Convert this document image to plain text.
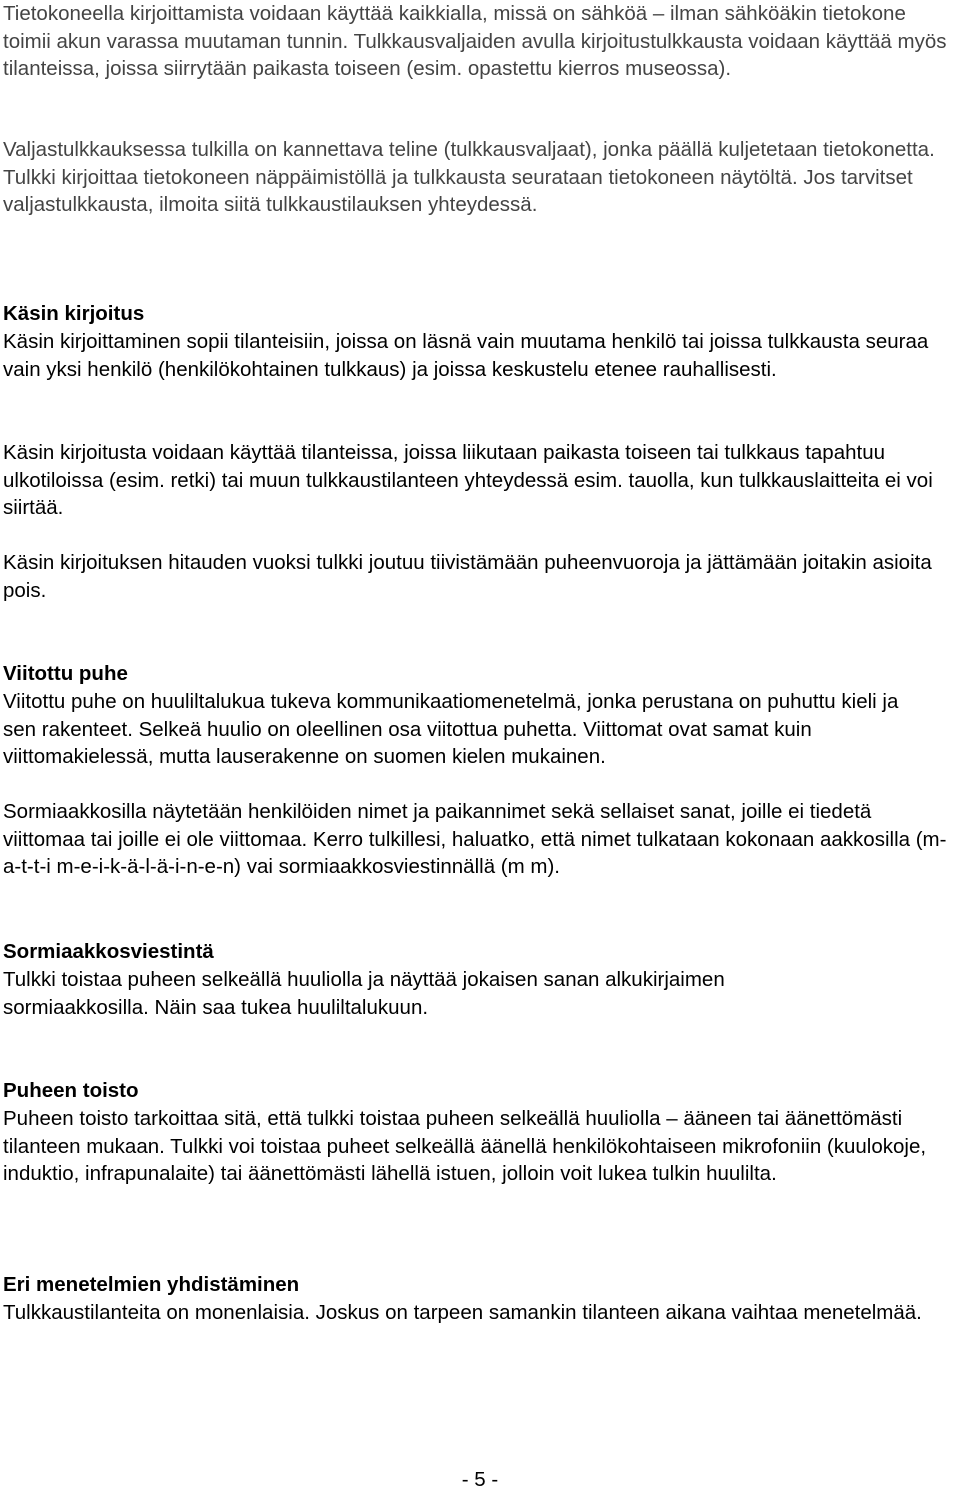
Tietokoneella kirjoittamista voidaan käyttää kaikkialla, missä on sähköä – ilman sähköäkin tietokone toimii akun varassa muutaman tunnin. Tulkkausvaljaiden avulla kirjoitustulkkausta voidaan käyttää myös tilanteissa, joissa siirrytään paikasta toiseen (esim. opastettu kierros museossa).

Valjastulkkauksessa tulkilla on kannettava teline (tulkkausvaljaat), jonka päällä kuljetetaan tietokonetta. Tulkki kirjoittaa tietokoneen näppäimistöllä ja tulkkausta seurataan tietokoneen näytöltä. Jos tarvitset valjastulkkausta, ilmoita siitä tulkkaustilauksen yhteydessä.

Käsin kirjoitus

Käsin kirjoittaminen sopii tilanteisiin, joissa on läsnä vain muutama henkilö tai joissa tulkkausta seuraa vain yksi henkilö (henkilökohtainen tulkkaus) ja joissa keskustelu etenee rauhallisesti.

Käsin kirjoitusta voidaan käyttää tilanteissa, joissa liikutaan paikasta toiseen tai tulkkaus tapahtuu ulkotiloissa (esim. retki) tai muun tulkkaustilanteen yhteydessä esim. tauolla, kun tulkkauslaitteita ei voi siirtää.

Käsin kirjoituksen hitauden vuoksi tulkki joutuu tiivistämään puheenvuoroja ja jättämään joitakin asioita pois.

Viitottu puhe

Viitottu puhe on huuliltalukua tukeva kommunikaatiomenetelmä, jonka perustana on puhuttu kieli ja sen rakenteet. Selkeä huulio on oleellinen osa viitottua puhetta. Viittomat ovat samat kuin viittomakielessä, mutta lauserakenne on suomen kielen mukainen.

Sormiaakkosilla näytetään henkilöiden nimet ja paikannimet sekä sellaiset sanat, joille ei tiedetä viittomaa tai joille ei ole viittomaa. Kerro tulkillesi, haluatko, että nimet tulkataan kokonaan aakkosilla (m-a-t-t-i m-e-i-k-ä-l-ä-i-n-e-n) vai sormiaakkosviestinnällä (m m).

Sormiaakkosviestintä

Tulkki toistaa puheen selkeällä huuliolla ja näyttää jokaisen sanan alkukirjaimen sormiaakkosilla. Näin saa tukea huuliltalukuun.

Puheen toisto

Puheen toisto tarkoittaa sitä, että tulkki toistaa puheen selkeällä huuliolla – ääneen tai äänettömästi tilanteen mukaan. Tulkki voi toistaa puheet selkeällä äänellä henkilökohtaiseen mikrofoniin (kuulokoje, induktio, infrapunalaite) tai äänettömästi lähellä istuen, jolloin voit lukea tulkin huulilta.

Eri menetelmien yhdistäminen

Tulkkaustilanteita on monenlaisia. Joskus on tarpeen samankin tilanteen aikana vaihtaa menetelmää.

- 5 -
